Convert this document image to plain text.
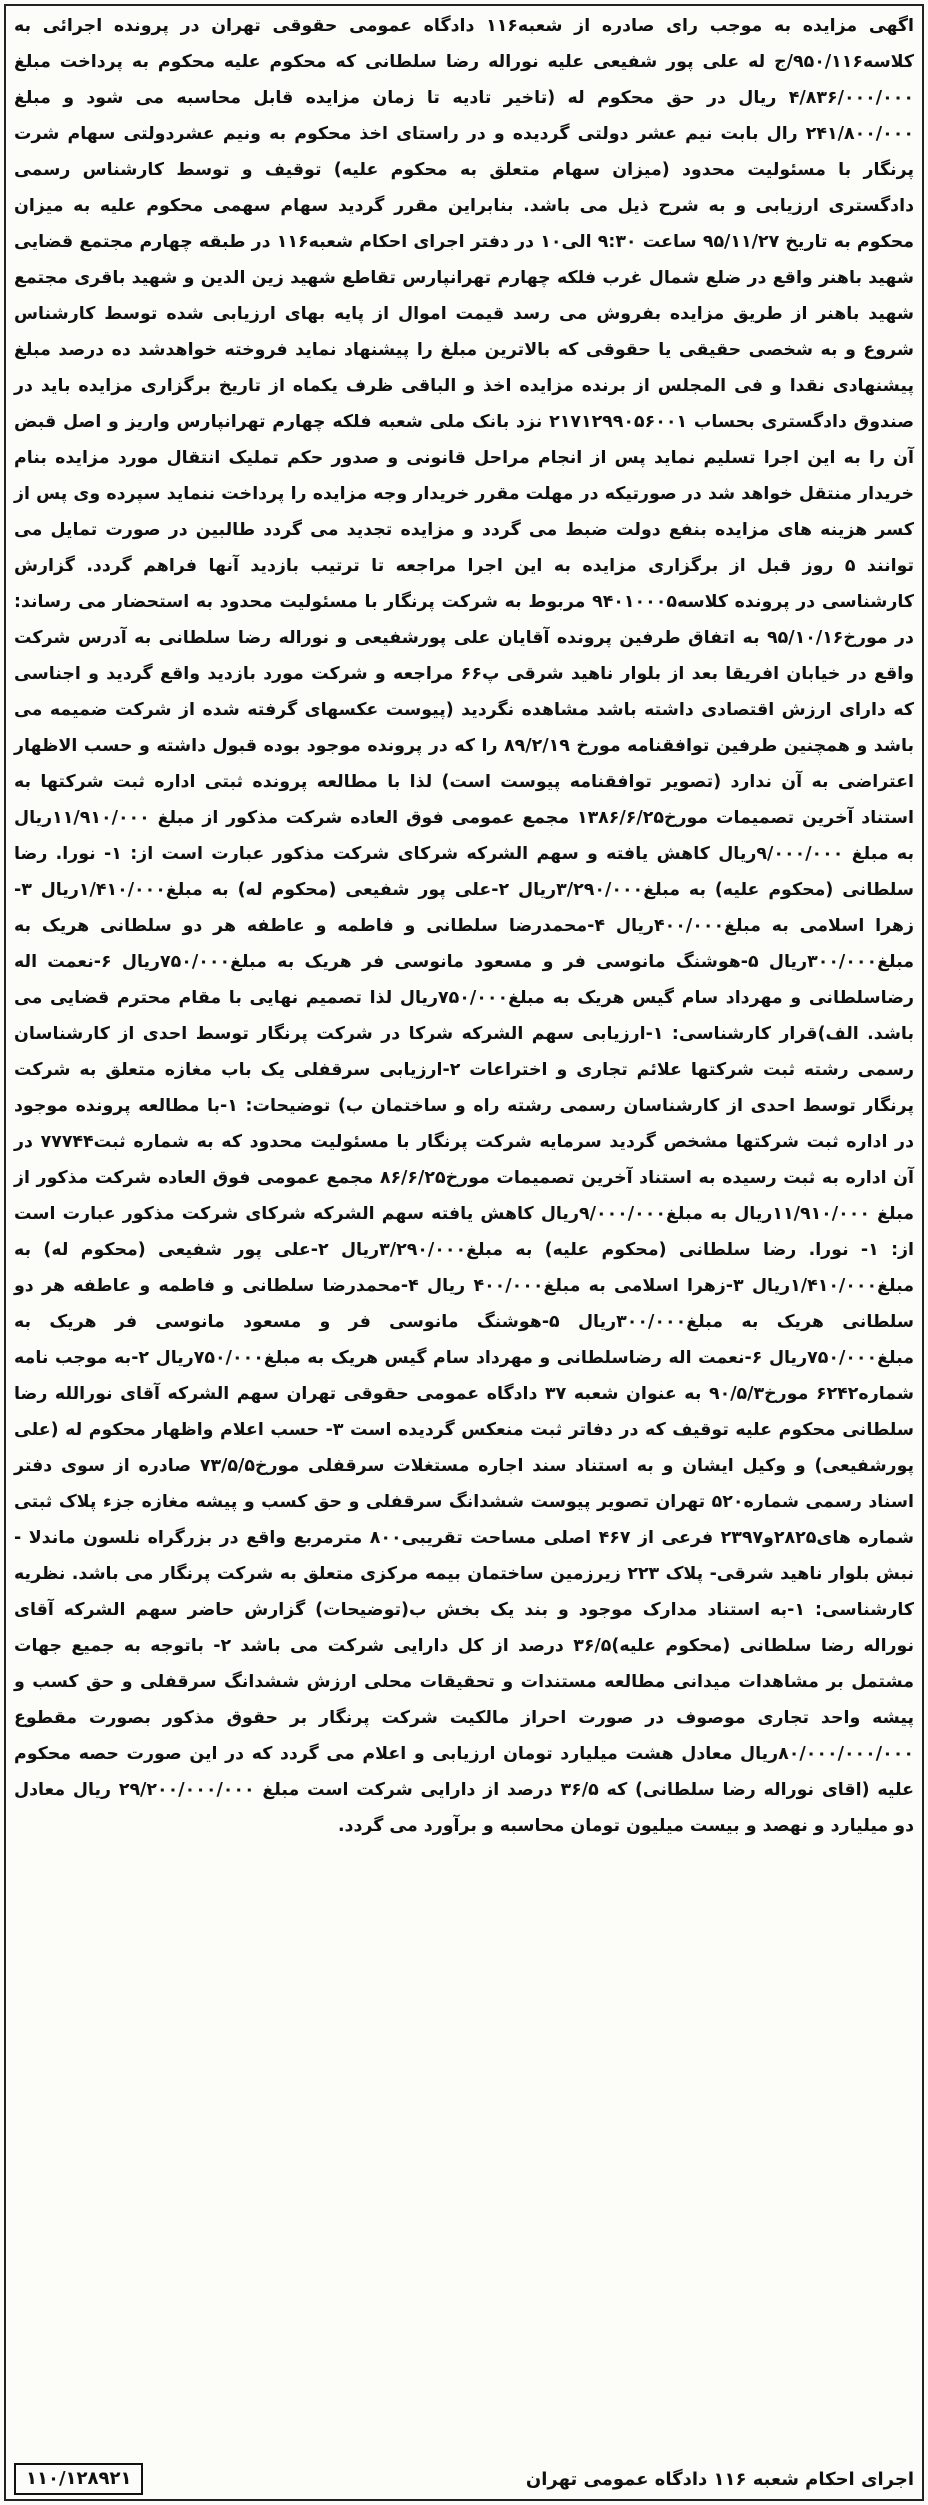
اگهی مزایده به موجب رای صادره از شعبه۱۱۶ دادگاه عمومی حقوقی تهران در پرونده اجرائی به کلاسه۹۵۰/۱۱۶/ج له علی پور شفیعی علیه نوراله رضا سلطانی که محکوم علیه محکوم به پرداخت مبلغ ۴/۸۳۶/۰۰۰/۰۰۰ ریال در حق محکوم له (تاخیر تادیه تا زمان مزایده قابل محاسبه می شود و مبلغ ۲۴۱/۸۰۰/۰۰۰ رال بابت نیم عشر دولتی گردیده و در راستای اخذ محکوم به ونیم عشردولتی سهام شرت پرنگار با مسئولیت محدود (میزان سهام متعلق به محکوم علیه) توقیف و توسط کارشناس رسمی دادگستری ارزیابی و به شرح ذیل می باشد. بنابراین مقرر گردید سهام سهمی محکوم علیه به میزان محکوم به تاریخ ۹۵/۱۱/۲۷ ساعت ۹:۳۰ الی۱۰ در دفتر اجرای احکام شعبه۱۱۶ در طبقه چهارم مجتمع قضایی شهید باهنر واقع در ضلع شمال غرب فلکه چهارم تهرانپارس تقاطع شهید زین الدین و شهید باقری مجتمع شهید باهنر از طریق مزایده بفروش می رسد قیمت اموال از پایه بهای ارزیابی شده توسط کارشناس شروع و به شخصی حقیقی یا حقوقی که بالاترین مبلغ را پیشنهاد نماید فروخته خواهدشد ده درصد مبلغ پیشنهادی نقدا و فی المجلس از برنده مزایده اخذ و الباقی ظرف یکماه از تاریخ برگزاری مزایده باید در صندوق دادگستری بحساب ۲۱۷۱۲۹۹۰۵۶۰۰۱ نزد بانک ملی شعبه فلکه چهارم تهرانپارس واریز و اصل قبض آن را به این اجرا تسلیم نماید پس از انجام مراحل قانونی و صدور حکم تملیک انتقال مورد مزایده بنام خریدار منتقل خواهد شد در صورتیکه در مهلت مقرر خریدار وجه مزایده را پرداخت ننماید سپرده وی پس از کسر هزینه های مزایده بنفع دولت ضبط می گردد و مزایده تجدید می گردد طالبین در صورت تمایل می توانند ۵ روز قبل از برگزاری مزایده به این اجرا مراجعه تا ترتیب بازدید آنها فراهم گردد. گزارش کارشناسی در پرونده کلاسه۹۴۰۱۰۰۰۵ مربوط به شرکت پرنگار با مسئولیت محدود به استحضار می رساند: در مورخ۹۵/۱۰/۱۶ به اتفاق طرفین پرونده آقایان علی پورشفیعی و نوراله رضا سلطانی به آدرس شرکت واقع در خیابان افریقا بعد از بلوار ناهید شرقی پ۶۶ مراجعه و شرکت مورد بازدید واقع گردید و اجناسی که دارای ارزش اقتصادی داشته باشد مشاهده نگردید (پیوست عکسهای گرفته شده از شرکت ضمیمه می باشد و همچنین طرفین توافقنامه مورخ ۸۹/۲/۱۹ را که در پرونده موجود بوده قبول داشته و حسب الاظهار اعتراضی به آن ندارد (تصویر توافقنامه پیوست است) لذا با مطالعه پرونده ثبتی اداره ثبت شرکتها به استناد آخرین تصمیمات مورخ۱۳۸۶/۶/۲۵ مجمع عمومی فوق العاده شرکت مذکور از مبلغ ۱۱/۹۱۰/۰۰۰ریال به مبلغ ۹/۰۰۰/۰۰۰ریال کاهش یافته و سهم الشرکه شرکای شرکت مذکور عبارت است از: ۱- نورا. رضا سلطانی (محکوم علیه) به مبلغ۳/۲۹۰/۰۰۰ریال ۲-علی پور شفیعی (محکوم له) به مبلغ۱/۴۱۰/۰۰۰ریال ۳-زهرا اسلامی به مبلغ۴۰۰/۰۰۰ریال ۴-محمدرضا سلطانی و فاطمه و عاطفه هر دو سلطانی هریک به مبلغ۳۰۰/۰۰۰ریال ۵-هوشنگ مانوسی فر و مسعود مانوسی فر هریک به مبلغ۷۵۰/۰۰۰ریال ۶-نعمت اله رضاسلطانی و مهرداد سام گیس هریک به مبلغ۷۵۰/۰۰۰ریال لذا تصمیم نهایی با مقام محترم قضایی می باشد. الف)قرار کارشناسی: ۱-ارزیابی سهم الشرکه شرکا در شرکت پرنگار توسط احدی از کارشناسان رسمی رشته ثبت شرکتها علائم تجاری و اختراعات ۲-ارزیابی سرقفلی یک باب مغازه متعلق به شرکت پرنگار توسط احدی از کارشناسان رسمی رشته راه و ساختمان ب) توضیحات: ۱-با مطالعه پرونده موجود در اداره ثبت شرکتها مشخص گردید سرمایه شرکت پرنگار با مسئولیت محدود که به شماره ثبت۷۷۷۴۴ در آن اداره به ثبت رسیده به استناد آخرین تصمیمات مورخ۸۶/۶/۲۵ مجمع عمومی فوق العاده شرکت مذکور از مبلغ ۱۱/۹۱۰/۰۰۰ریال به مبلغ۹/۰۰۰/۰۰۰ریال کاهش یافته سهم الشرکه شرکای شرکت مذکور عبارت است از: ۱- نورا. رضا سلطانی (محکوم علیه) به مبلغ۳/۲۹۰/۰۰۰ریال ۲-علی پور شفیعی (محکوم له) به مبلغ۱/۴۱۰/۰۰۰ریال ۳-زهرا اسلامی به مبلغ۴۰۰/۰۰۰ ریال ۴-محمدرضا سلطانی و فاطمه و عاطفه هر دو سلطانی هریک به مبلغ۳۰۰/۰۰۰ریال ۵-هوشنگ مانوسی فر و مسعود مانوسی فر هریک به مبلغ۷۵۰/۰۰۰ریال ۶-نعمت اله رضاسلطانی و مهرداد سام گیس هریک به مبلغ۷۵۰/۰۰۰ریال ۲-به موجب نامه شماره۶۲۴۲ مورخ۹۰/۵/۳ به عنوان شعبه ۳۷ دادگاه عمومی حقوقی تهران سهم الشرکه آقای نورالله رضا سلطانی محکوم علیه توقیف که در دفاتر ثبت منعکس گردیده است ۳- حسب اعلام واظهار محکوم له (علی پورشفیعی) و وکیل ایشان و به استناد سند اجاره مستغلات سرقفلی مورخ۷۳/۵/۵ صادره از سوی دفتر اسناد رسمی شماره۵۲۰ تهران تصویر پیوست ششدانگ سرقفلی و حق کسب و پیشه مغازه جزء پلاک ثبتی شماره های۲۸۲۵و۲۳۹۷ فرعی از ۴۶۷ اصلی مساحت تقریبی۸۰۰ مترمربع واقع در بزرگراه نلسون ماندلا - نبش بلوار ناهید شرقی- پلاک ۲۲۳ زیرزمین ساختمان بیمه مرکزی متعلق به شرکت پرنگار می باشد. نظریه کارشناسی: ۱-به استناد مدارک موجود و بند یک بخش ب(توضیحات) گزارش حاضر سهم الشرکه آقای نوراله رضا سلطانی (محکوم علیه)۳۶/۵ درصد از کل دارایی شرکت می باشد ۲- باتوجه به جمیع جهات مشتمل بر مشاهدات میدانی مطالعه مستندات و تحقیقات محلی ارزش ششدانگ سرقفلی و حق کسب و پیشه واحد تجاری موصوف در صورت احراز مالکیت شرکت پرنگار بر حقوق مذکور بصورت مقطوع ۸۰/۰۰۰/۰۰۰/۰۰۰ریال معادل هشت میلیارد تومان ارزیابی و اعلام می گردد که در این صورت حصه محکوم علیه (اقای نوراله رضا سلطانی) که ۳۶/۵ درصد از دارایی شرکت است مبلغ ۲۹/۲۰۰/۰۰۰/۰۰۰ ریال معادل دو میلیارد و نهصد و بیست میلیون تومان محاسبه و برآورد می گردد.

اجرای احکام شعبه ۱۱۶ دادگاه عمومی تهران
۱۱۰/۱۲۸۹۲۱
